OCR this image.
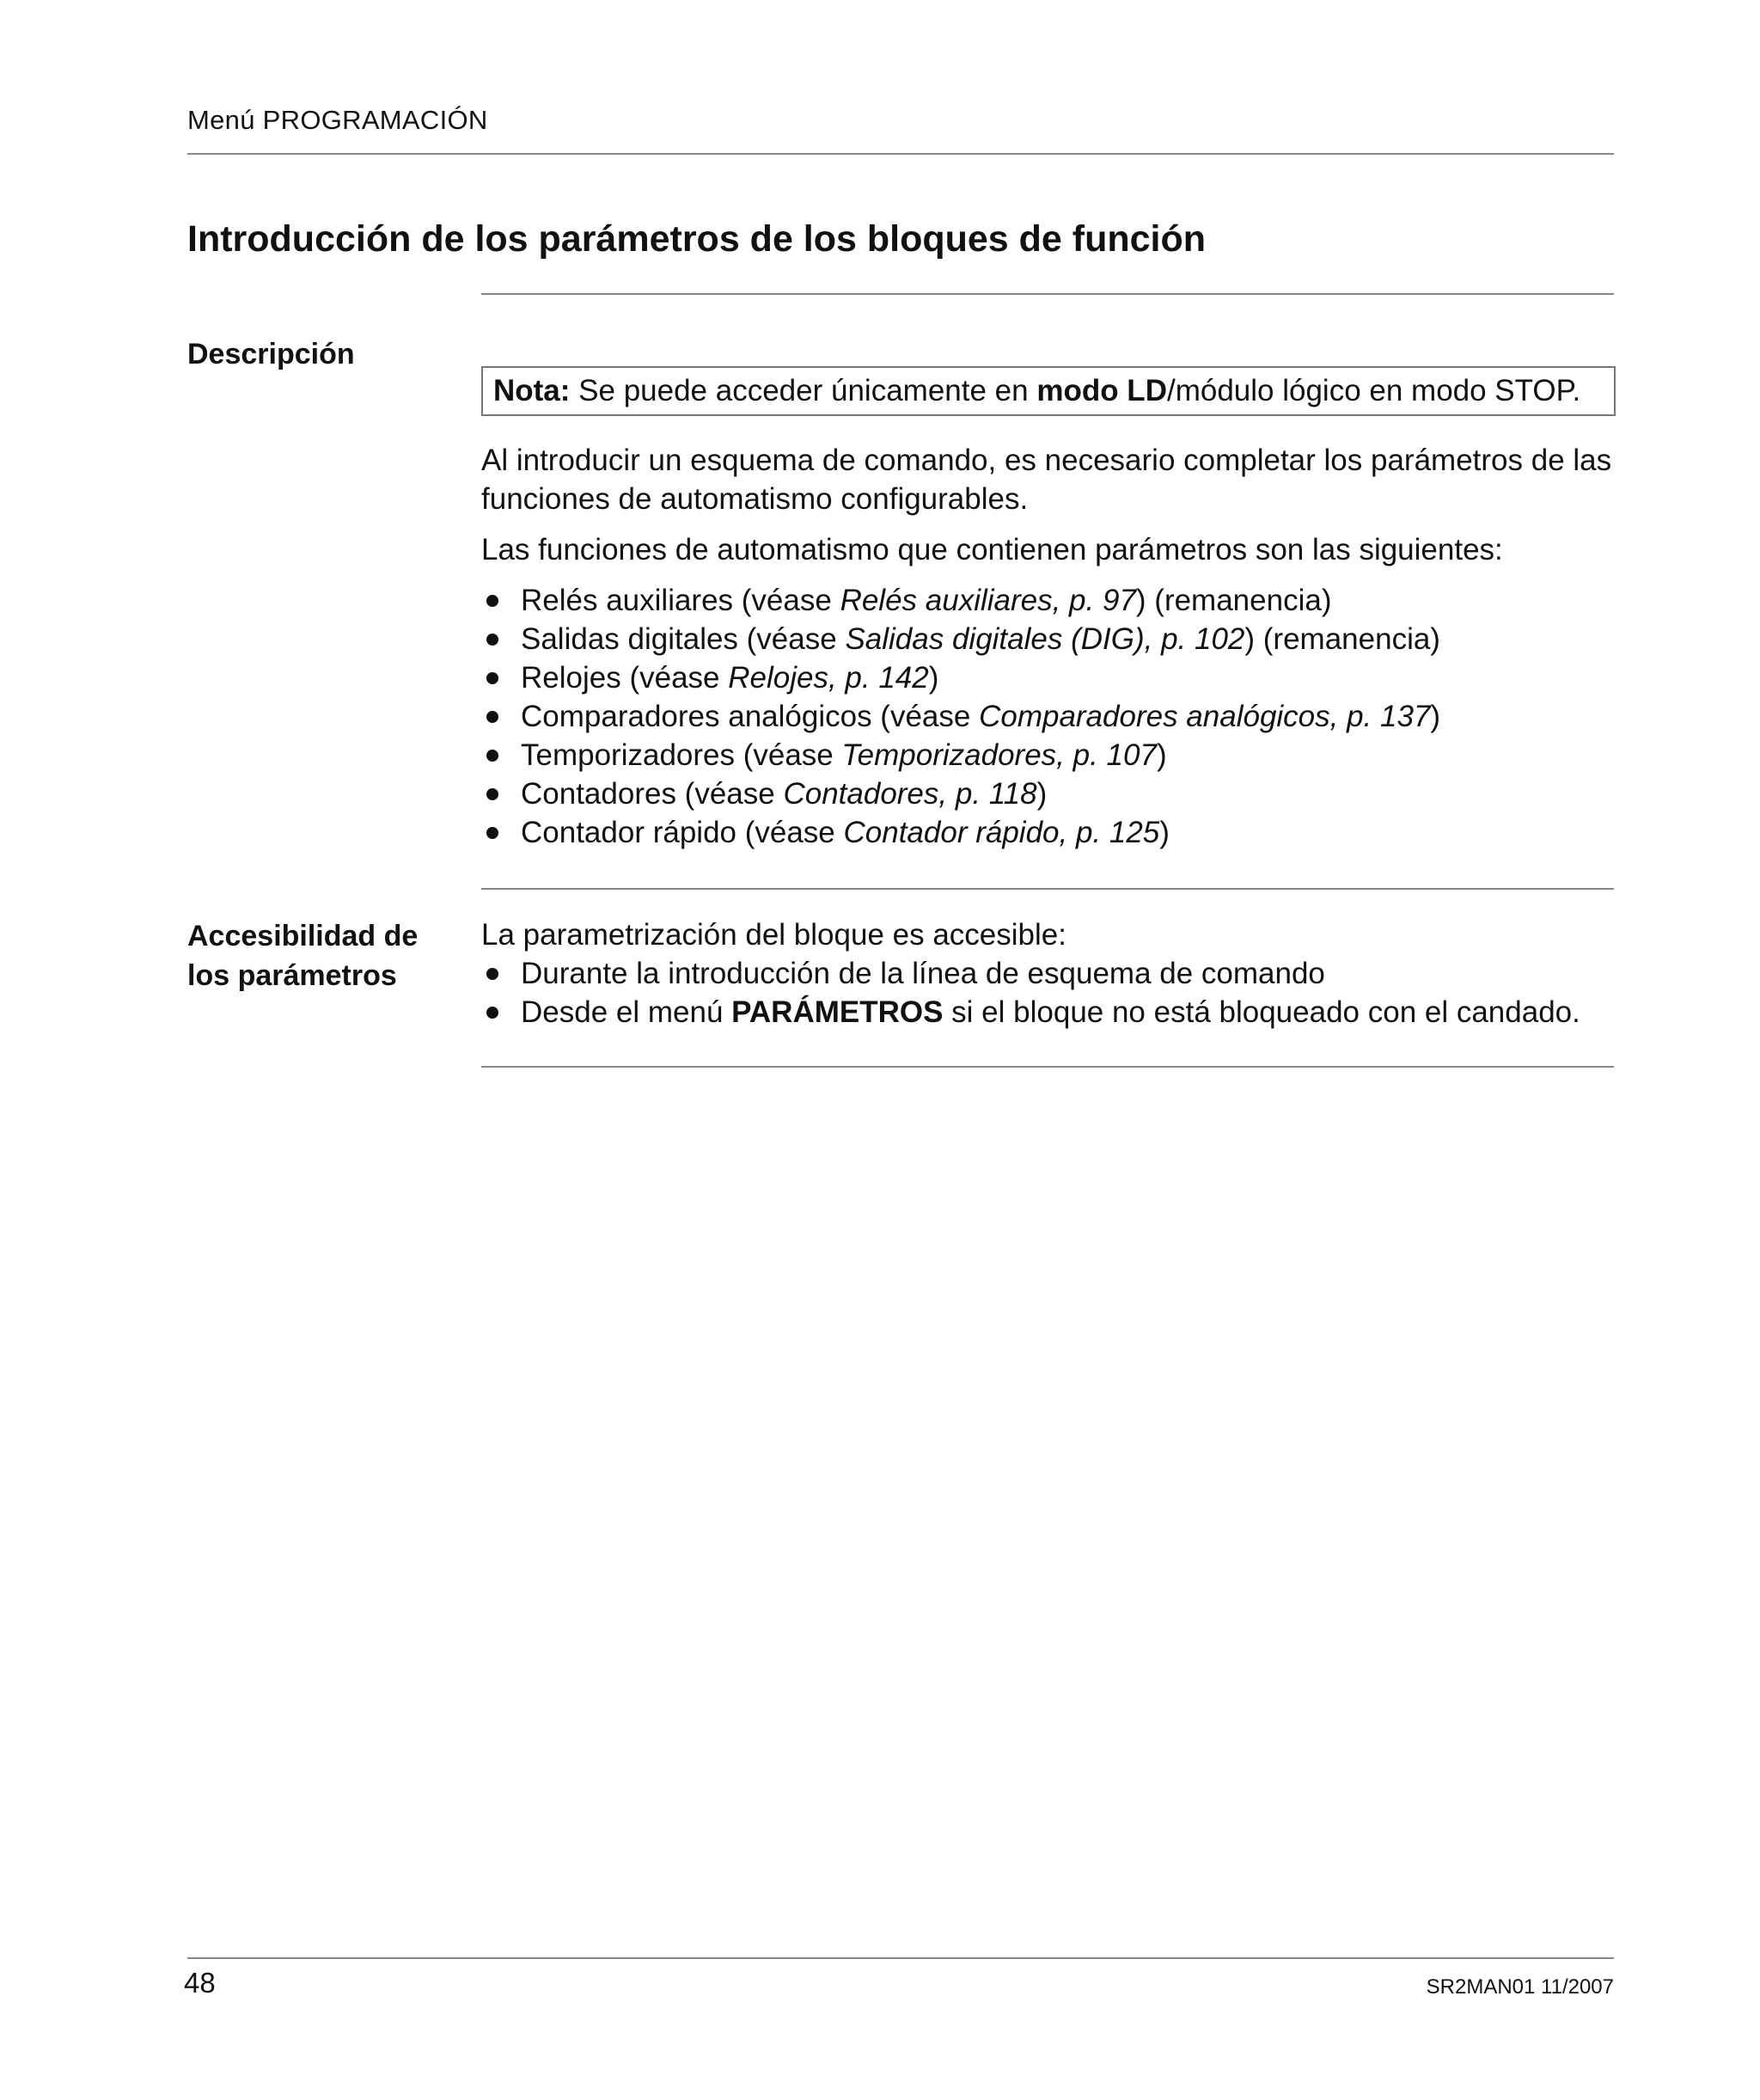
Menú PROGRAMACIÓN
Introducción de los parámetros de los bloques de función
Descripción
Nota: Se puede acceder únicamente en modo LD/módulo lógico en modo STOP.

Al introducir un esquema de comando, es necesario completar los parámetros de las funciones de automatismo configurables.

Las funciones de automatismo que contienen parámetros son las siguientes:

Relés auxiliares (véase Relés auxiliares, p. 97) (remanencia)
Salidas digitales (véase Salidas digitales (DIG), p. 102) (remanencia)
Relojes (véase Relojes, p. 142)
Comparadores analógicos (véase Comparadores analógicos, p. 137)
Temporizadores (véase Temporizadores, p. 107)
Contadores (véase Contadores, p. 118)
Contador rápido (véase Contador rápido, p. 125)
Accesibilidad de
los parámetros

La parametrización del bloque es accesible:

Durante la introducción de la línea de esquema de comando
Desde el menú PARÁMETROS si el bloque no está bloqueado con el candado.
48	SR2MAN01 11/2007
